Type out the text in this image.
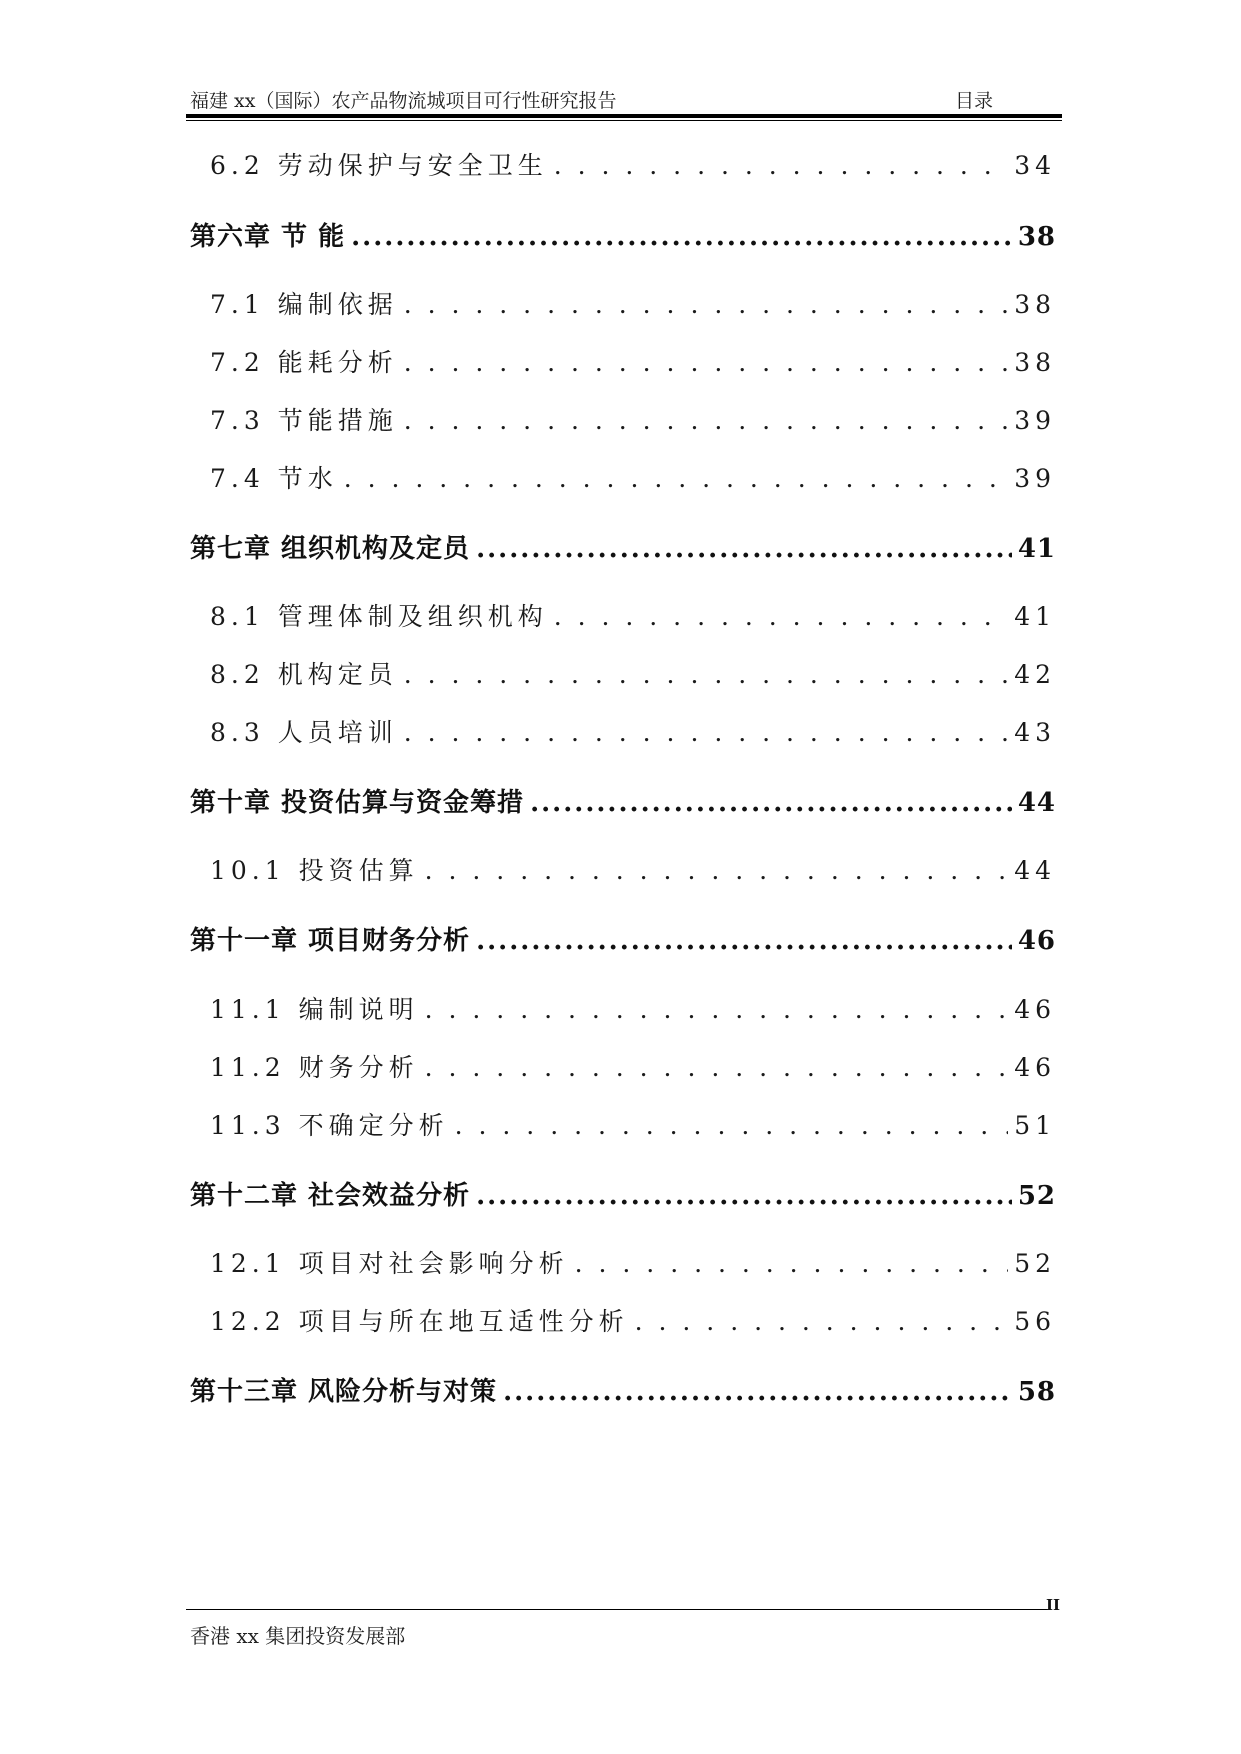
福建 xx（国际）农产品物流城项目可行性研究报告	目录
6.2 劳动保护与安全卫生 . . .	34
第六章 节 能 .....	38
7.1 编制依据 . . .	38
7.2 能耗分析 . . .	38
7.3 节能措施 . . .	39
7.4 节水 . . .	39
第七章 组织机构及定员 .....	41
8.1 管理体制及组织机构 . . .	41
8.2 机构定员 . . .	42
8.3 人员培训 . . .	43
第十章 投资估算与资金筹措 .....	44
10.1 投资估算 . . .	44
第十一章 项目财务分析 .....	46
11.1 编制说明 . . .	46
11.2 财务分析 . . .	46
11.3 不确定分析 . . .	51
第十二章 社会效益分析 .....	52
12.1 项目对社会影响分析 . . .	52
12.2 项目与所在地互适性分析 . . .	56
第十三章 风险分析与对策 .....	58
II
香港 xx 集团投资发展部
